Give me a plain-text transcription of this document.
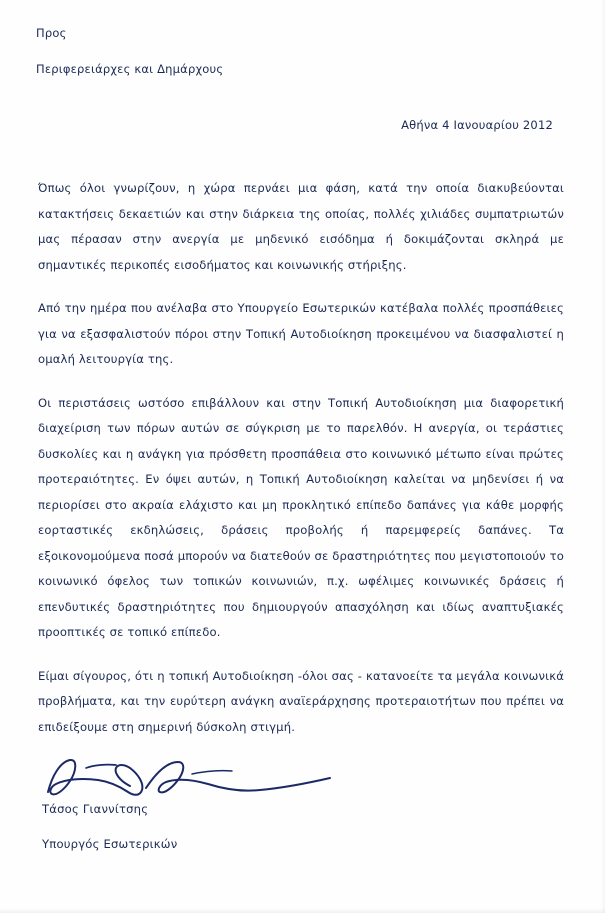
Προς
Περιφερειάρχες και Δημάρχους
Αθήνα 4 Ιανουαρίου 2012

Όπως όλοι γνωρίζουν, η χώρα περνάει μια φάση, κατά την οποία διακυβεύονται κατακτήσεις δεκαετιών και στην διάρκεια της οποίας, πολλές χιλιάδες συμπατριωτών μας πέρασαν στην ανεργία με μηδενικό εισόδημα ή δοκιμάζονται σκληρά με σημαντικές περικοπές εισοδήματος και κοινωνικής στήριξης.

Από την ημέρα που ανέλαβα στο Υπουργείο Εσωτερικών κατέβαλα πολλές προσπάθειες για να εξασφαλιστούν πόροι στην Τοπική Αυτοδιοίκηση προκειμένου να διασφαλιστεί η ομαλή λειτουργία της.

Οι περιστάσεις ωστόσο επιβάλλουν και στην Τοπική Αυτοδιοίκηση μια διαφορετική διαχείριση των πόρων αυτών σε σύγκριση με το παρελθόν. Η ανεργία, οι τεράστιες δυσκολίες και η ανάγκη για πρόσθετη προσπάθεια στο κοινωνικό μέτωπο είναι πρώτες προτεραιότητες. Εν όψει αυτών, η Τοπική Αυτοδιοίκηση καλείται να μηδενίσει ή να περιορίσει στο ακραία ελάχιστο και μη προκλητικό επίπεδο δαπάνες για κάθε μορφής εορταστικές εκδηλώσεις, δράσεις προβολής ή παρεμφερείς δαπάνες. Τα εξοικονομούμενα ποσά μπορούν να διατεθούν σε δραστηριότητες που μεγιστοποιούν το κοινωνικό όφελος των τοπικών κοινωνιών, π.χ. ωφέλιμες κοινωνικές δράσεις ή επενδυτικές δραστηριότητες που δημιουργούν απασχόληση και ιδίως αναπτυξιακές προοπτικές σε τοπικό επίπεδο.

Είμαι σίγουρος, ότι η τοπική Αυτοδιοίκηση -όλοι σας - κατανοείτε τα μεγάλα κοινωνικά προβλήματα, και την ευρύτερη ανάγκη αναϊεράρχησης προτεραιοτήτων που πρέπει να επιδείξουμε στη σημερινή δύσκολη στιγμή.

Τάσος Γιαννίτσης
Υπουργός Εσωτερικών
